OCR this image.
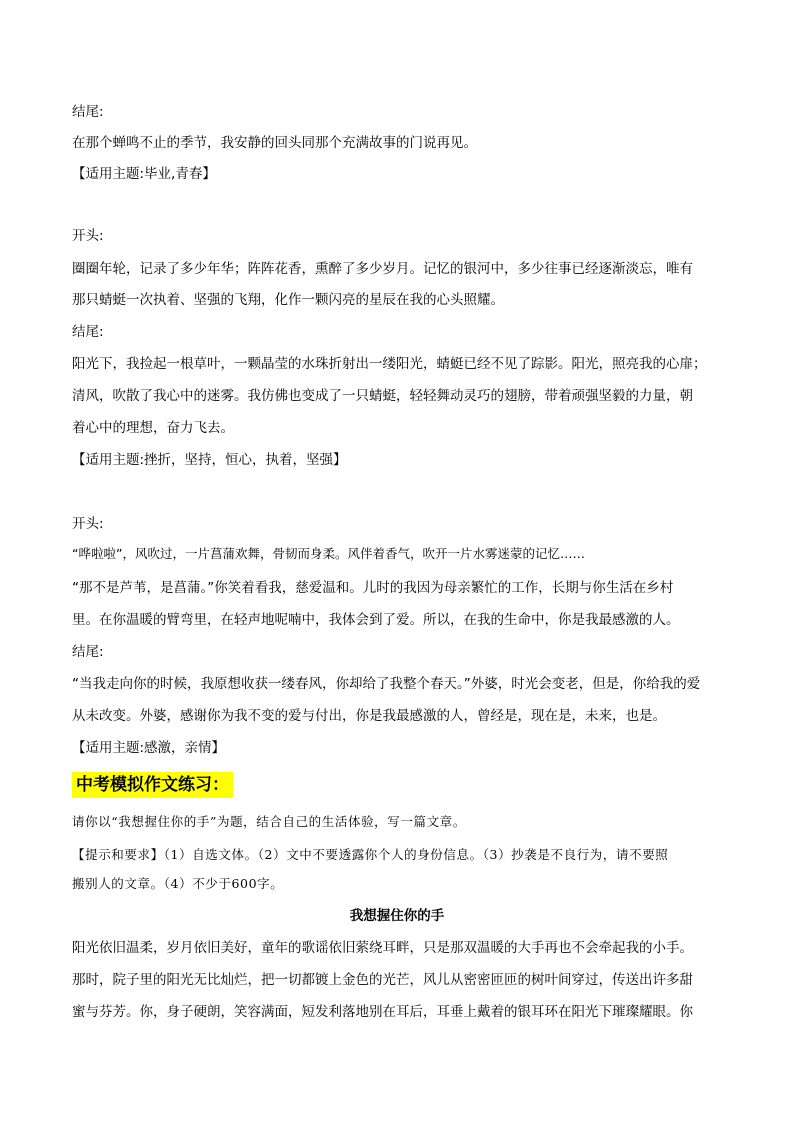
结尾:
在那个蝉鸣不止的季节，我安静的回头同那个充满故事的门说再见。
【适用主题:毕业,青春】
开头:
圈圈年轮，记录了多少年华；阵阵花香，熏醉了多少岁月。记忆的银河中，多少往事已经逐渐淡忘，唯有
那只蜻蜓一次执着、坚强的飞翔，化作一颗闪亮的星辰在我的心头照耀。
结尾:
阳光下，我捡起一根草叶，一颗晶莹的水珠折射出一缕阳光，蜻蜓已经不见了踪影。阳光，照亮我的心扉；
清风，吹散了我心中的迷雾。我仿佛也变成了一只蜻蜓，轻轻舞动灵巧的翅膀，带着顽强坚毅的力量，朝
着心中的理想，奋力飞去。
【适用主题:挫折，坚持，恒心，执着，坚强】
开头:
“哗啦啦”，风吹过，一片菖蒲欢舞，骨韧而身柔。风伴着香气，吹开一片水雾迷蒙的记忆……
“那不是芦苇，是菖蒲。”你笑着看我，慈爱温和。儿时的我因为母亲繁忙的工作，长期与你生活在乡村
里。在你温暖的臂弯里，在轻声地呢喃中，我体会到了爱。所以，在我的生命中，你是我最感激的人。
结尾:
“当我走向你的时候，我原想收获一缕春风，你却给了我整个春天。”外婆，时光会变老，但是，你给我的爱
从未改变。外婆，感谢你为我不变的爱与付出，你是我最感激的人，曾经是，现在是，未来，也是。
【适用主题:感激，亲情】
中考模拟作文练习：
请你以“我想握住你的手”为题，结合自己的生活体验，写一篇文章。
【提示和要求】（1）自选文体。（2）文中不要透露你个人的身份信息。（3）抄袭是不良行为，请不要照
搬别人的文章。（4）不少于600字。
我想握住你的手
阳光依旧温柔，岁月依旧美好，童年的歌谣依旧萦绕耳畔，只是那双温暖的大手再也不会牵起我的小手。
那时，院子里的阳光无比灿烂，把一切都镀上金色的光芒，风儿从密密匝匝的树叶间穿过，传送出许多甜
蜜与芬芳。你，身子硬朗，笑容满面，短发利落地别在耳后，耳垂上戴着的银耳环在阳光下璀璨耀眼。你
